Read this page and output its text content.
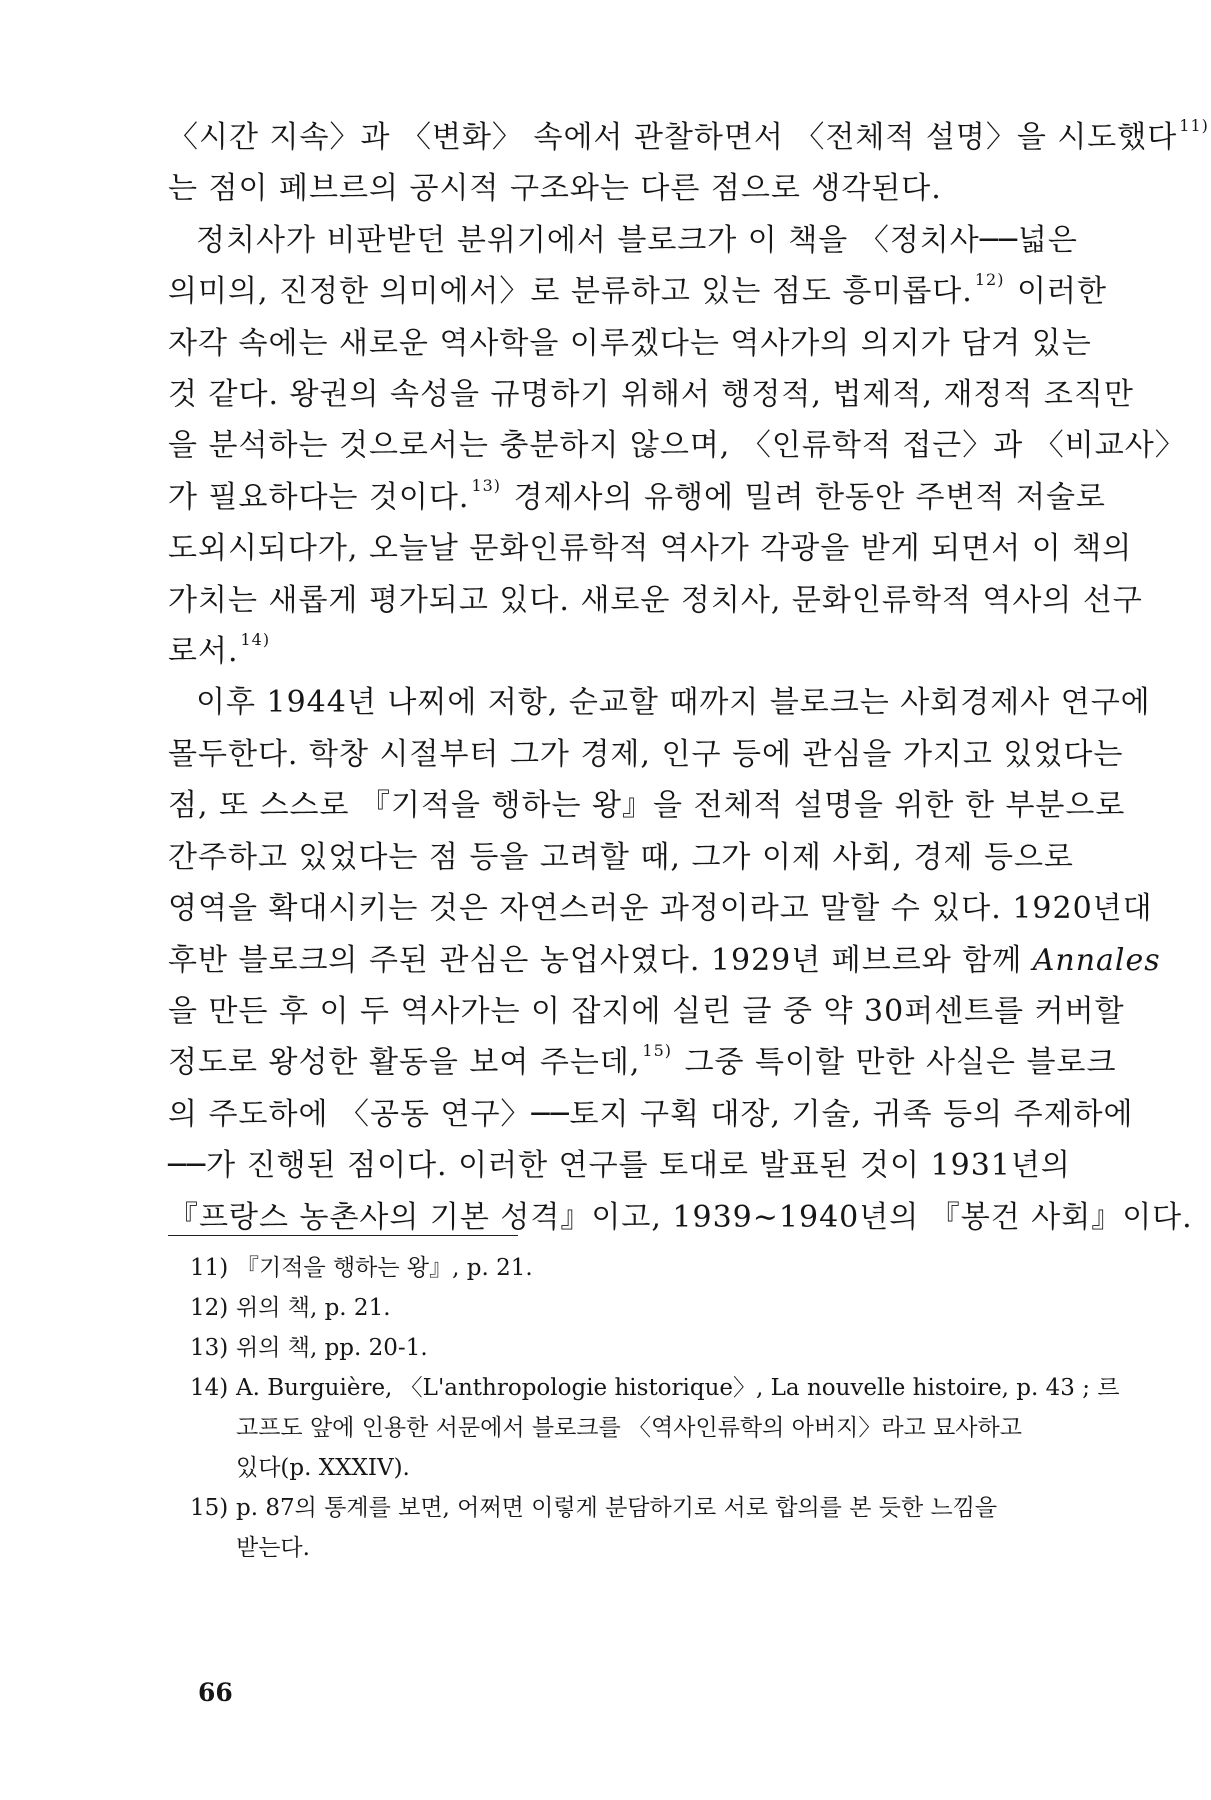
〈시간 지속〉과 〈변화〉 속에서 관찰하면서 〈전체적 설명〉을 시도했다 $^{11)}$
는 점이 페브르의 공시적 구조와는 다른 점으로 생각된다.
정치사가 비판받던 분위기에서 블로크가 이 책을 〈정치사──넓은
의미의, 진정한 의미에서〉로 분류하고 있는 점도 흥미롭다. $^{12)}$ 이러한
자각 속에는 새로운 역사학을 이루겠다는 역사가의 의지가 담겨 있는
것 같다. 왕권의 속성을 규명하기 위해서 행정적, 법제적, 재정적 조직만
을 분석하는 것으로서는 충분하지 않으며, 〈인류학적 접근〉과 〈비교사〉
가 필요하다는 것이다. $^{13)}$ 경제사의 유행에 밀려 한동안 주변적 저술로
도외시되다가, 오늘날 문화인류학적 역사가 각광을 받게 되면서 이 책의
가치는 새롭게 평가되고 있다. 새로운 정치사, 문화인류학적 역사의 선구
로서. $^{14)}$
이후 1944년 나찌에 저항, 순교할 때까지 블로크는 사회경제사 연구에
몰두한다. 학창 시절부터 그가 경제, 인구 등에 관심을 가지고 있었다는
점, 또 스스로 『기적을 행하는 왕』을 전체적 설명을 위한 한 부분으로
간주하고 있었다는 점 등을 고려할 때, 그가 이제 사회, 경제 등으로
영역을 확대시키는 것은 자연스러운 과정이라고 말할 수 있다. 1920년대
후반 블로크의 주된 관심은 농업사였다. 1929년 페브르와 함께 Annales
을 만든 후 이 두 역사가는 이 잡지에 실린 글 중 약 30퍼센트를 커버할
정도로 왕성한 활동을 보여 주는데, $^{15)}$ 그중 특이할 만한 사실은 블로크
의 주도하에 〈공동 연구〉──토지 구획 대장, 기술, 귀족 등의 주제하에
──가 진행된 점이다. 이러한 연구를 토대로 발표된 것이 1931년의
『프랑스 농촌사의 기본 성격』이고, 1939∼1940년의 『봉건 사회』이다.
11) 『기적을 행하는 왕』, p. 21.
12) 위의 책, p. 21.
13) 위의 책, pp. 20-1.
14) A. Burguière, 〈L'anthropologie historique〉, La nouvelle histoire, p. 43 ; 르
고프도 앞에 인용한 서문에서 블로크를 〈역사인류학의 아버지〉라고 묘사하고
있다(p. XXXIV).
15) p. 87의 통계를 보면, 어쩌면 이렇게 분담하기로 서로 합의를 본 듯한 느낌을
받는다.
66
